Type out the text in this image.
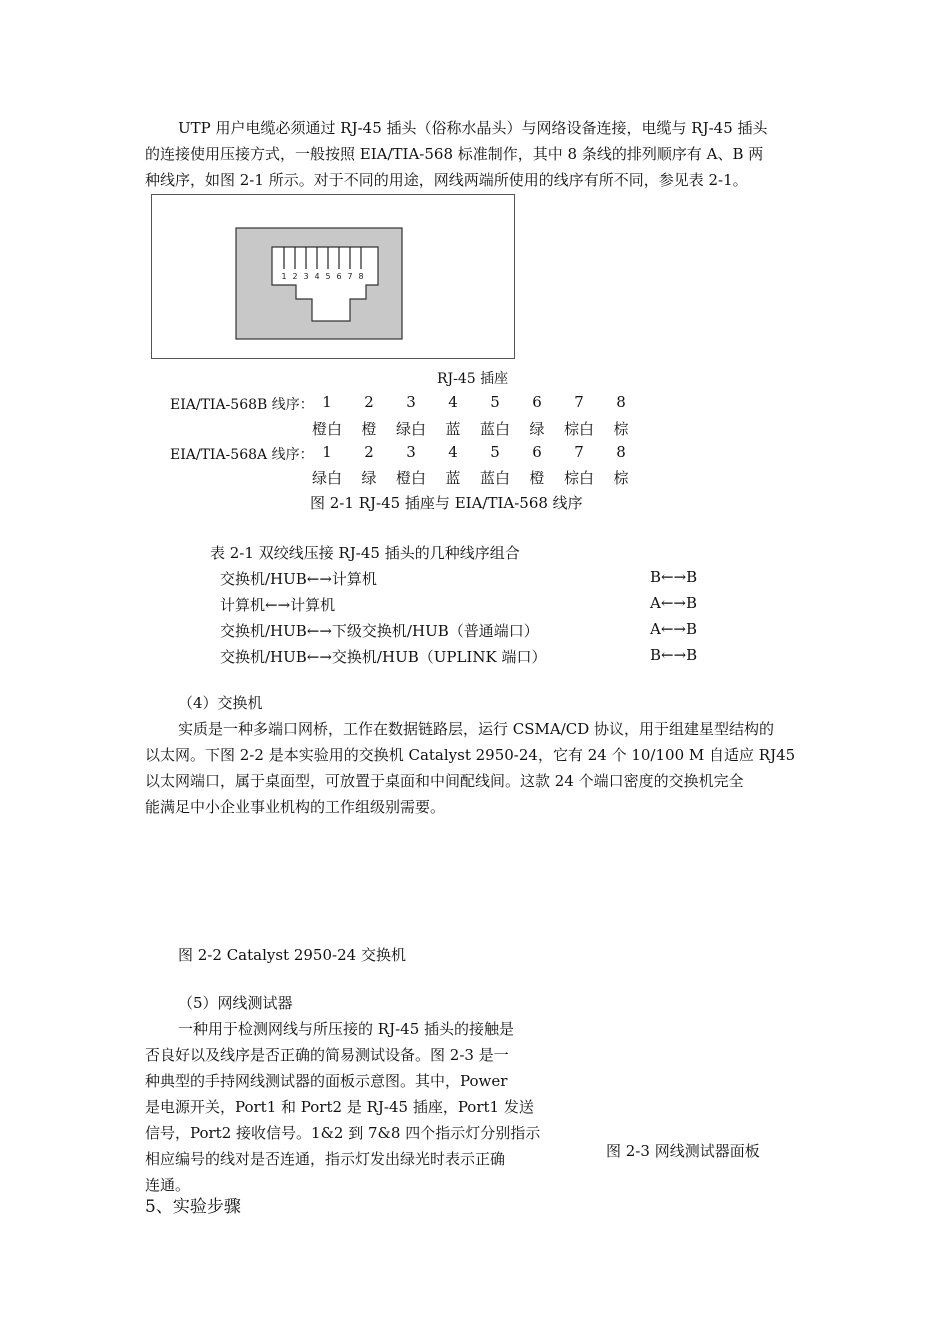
UTP 用户电缆必须通过 RJ-45 插头（俗称水晶头）与网络设备连接，电缆与 RJ-45 插头
的连接使用压接方式，一般按照 EIA/TIA-568 标准制作，其中 8 条线的排列顺序有 A、B 两
种线序，如图 2-1 所示。对于不同的用途，网线两端所使用的线序有所不同，参见表 2-1。
1 2 3 4 5 6 7 8
RJ-45 插座
EIA/TIA-568B 线序： 1	2	3	4	5	6	7	8
橙白	橙	绿白	蓝	蓝白	绿	棕白	棕
EIA/TIA-568A 线序： 1	2	3	4	5	6	7	8
绿白	绿	橙白	蓝	蓝白	橙	棕白	棕
图 2-1 RJ-45 插座与 EIA/TIA-568 线序
表 2-1 双绞线压接 RJ-45 插头的几种线序组合
交换机/HUB←→计算机	B←→B
计算机←→计算机	A←→B
交换机/HUB←→下级交换机/HUB（普通端口）	A←→B
交换机/HUB←→交换机/HUB（UPLINK 端口）	B←→B
（4）交换机
实质是一种多端口网桥，工作在数据链路层，运行 CSMA/CD 协议，用于组建星型结构的
以太网。下图 2-2 是本实验用的交换机 Catalyst 2950-24，它有 24 个 10/100 M 自适应 RJ45
以太网端口，属于桌面型，可放置于桌面和中间配线间。这款 24 个端口密度的交换机完全
能满足中小企业事业机构的工作组级别需要。
图 2-2 Catalyst 2950-24 交换机
（5）网线测试器
一种用于检测网线与所压接的 RJ-45 插头的接触是
否良好以及线序是否正确的简易测试设备。图 2-3 是一
种典型的手持网线测试器的面板示意图。其中，Power
是电源开关，Port1 和 Port2 是 RJ-45 插座，Port1 发送
信号，Port2 接收信号。1&2 到 7&8 四个指示灯分别指示
相应编号的线对是否连通，指示灯发出绿光时表示正确
连通。
图 2-3 网线测试器面板
5、实验步骤
